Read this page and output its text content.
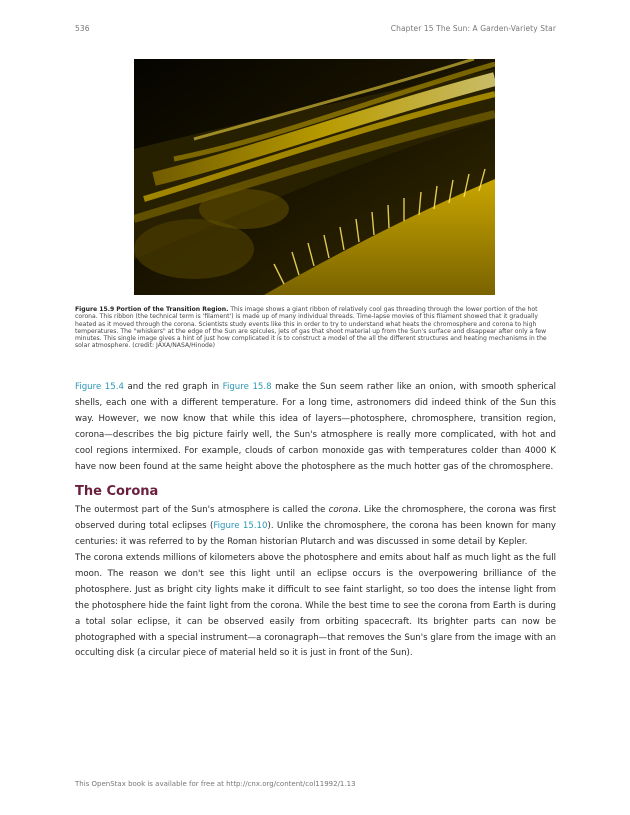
536	Chapter 15 The Sun: A Garden-Variety Star
Figure 15.9 Portion of the Transition Region. This image shows a giant ribbon of relatively cool gas threading through the lower portion of the hot corona. This ribbon (the technical term is 'filament') is made up of many individual threads. Time-lapse movies of this filament showed that it gradually heated as it moved through the corona. Scientists study events like this in order to try to understand what heats the chromosphere and corona to high temperatures. The "whiskers" at the edge of the Sun are spicules, jets of gas that shoot material up from the Sun's surface and disappear after only a few minutes. This single image gives a hint of just how complicated it is to construct a model of the all the different structures and heating mechanisms in the solar atmosphere. (credit: JAXA/NASA/Hinode)

Figure 15.4 and the red graph in Figure 15.8 make the Sun seem rather like an onion, with smooth spherical shells, each one with a different temperature. For a long time, astronomers did indeed think of the Sun this way. However, we now know that while this idea of layers—photosphere, chromosphere, transition region, corona—describes the big picture fairly well, the Sun's atmosphere is really more complicated, with hot and cool regions intermixed. For example, clouds of carbon monoxide gas with temperatures colder than 4000 K have now been found at the same height above the photosphere as the much hotter gas of the chromosphere.

The Corona

The outermost part of the Sun's atmosphere is called the corona. Like the chromosphere, the corona was first observed during total eclipses (Figure 15.10). Unlike the chromosphere, the corona has been known for many centuries: it was referred to by the Roman historian Plutarch and was discussed in some detail by Kepler.

The corona extends millions of kilometers above the photosphere and emits about half as much light as the full moon. The reason we don't see this light until an eclipse occurs is the overpowering brilliance of the photosphere. Just as bright city lights make it difficult to see faint starlight, so too does the intense light from the photosphere hide the faint light from the corona. While the best time to see the corona from Earth is during a total solar eclipse, it can be observed easily from orbiting spacecraft. Its brighter parts can now be photographed with a special instrument—a coronagraph—that removes the Sun's glare from the image with an occulting disk (a circular piece of material held so it is just in front of the Sun).

This OpenStax book is available for free at http://cnx.org/content/col11992/1.13
